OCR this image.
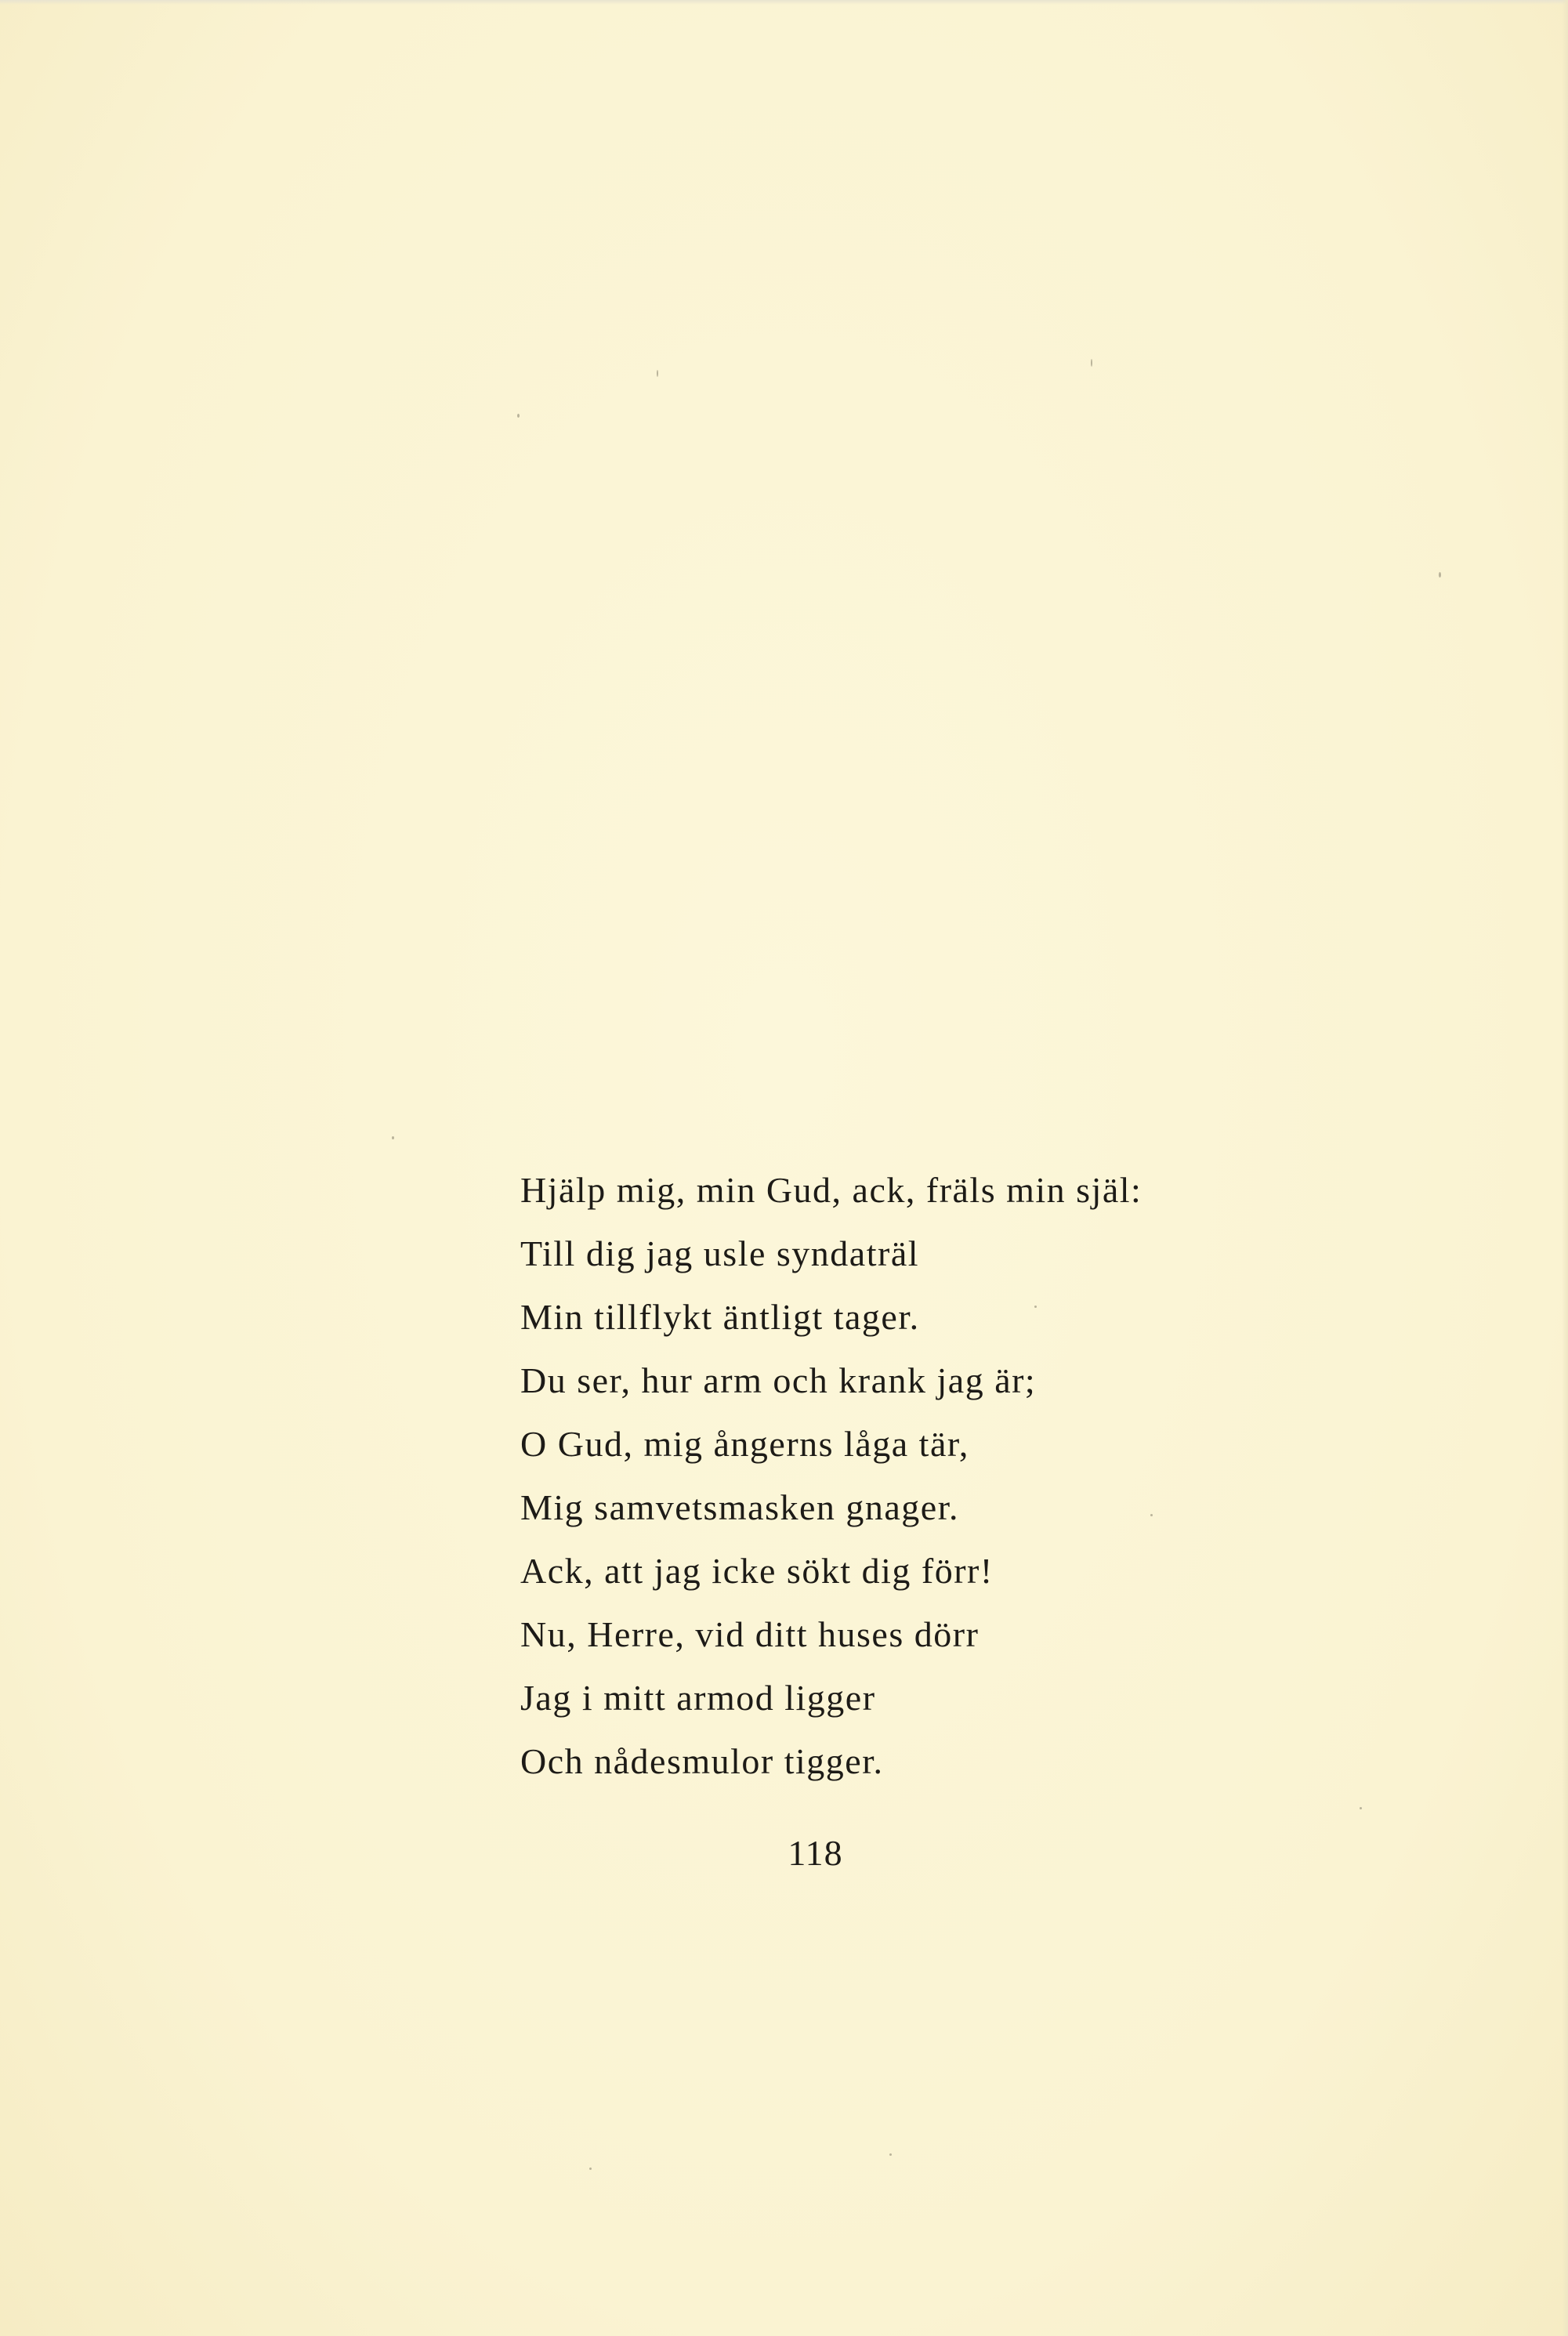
Hjälp mig, min Gud, ack, fräls min själ:
Till dig jag usle syndaträl
Min tillflykt äntligt tager.
Du ser, hur arm och krank jag är;
O Gud, mig ångerns låga tär,
Mig samvetsmasken gnager.
Ack, att jag icke sökt dig förr!
Nu, Herre, vid ditt huses dörr
Jag i mitt armod ligger
Och nådesmulor tigger.
118
